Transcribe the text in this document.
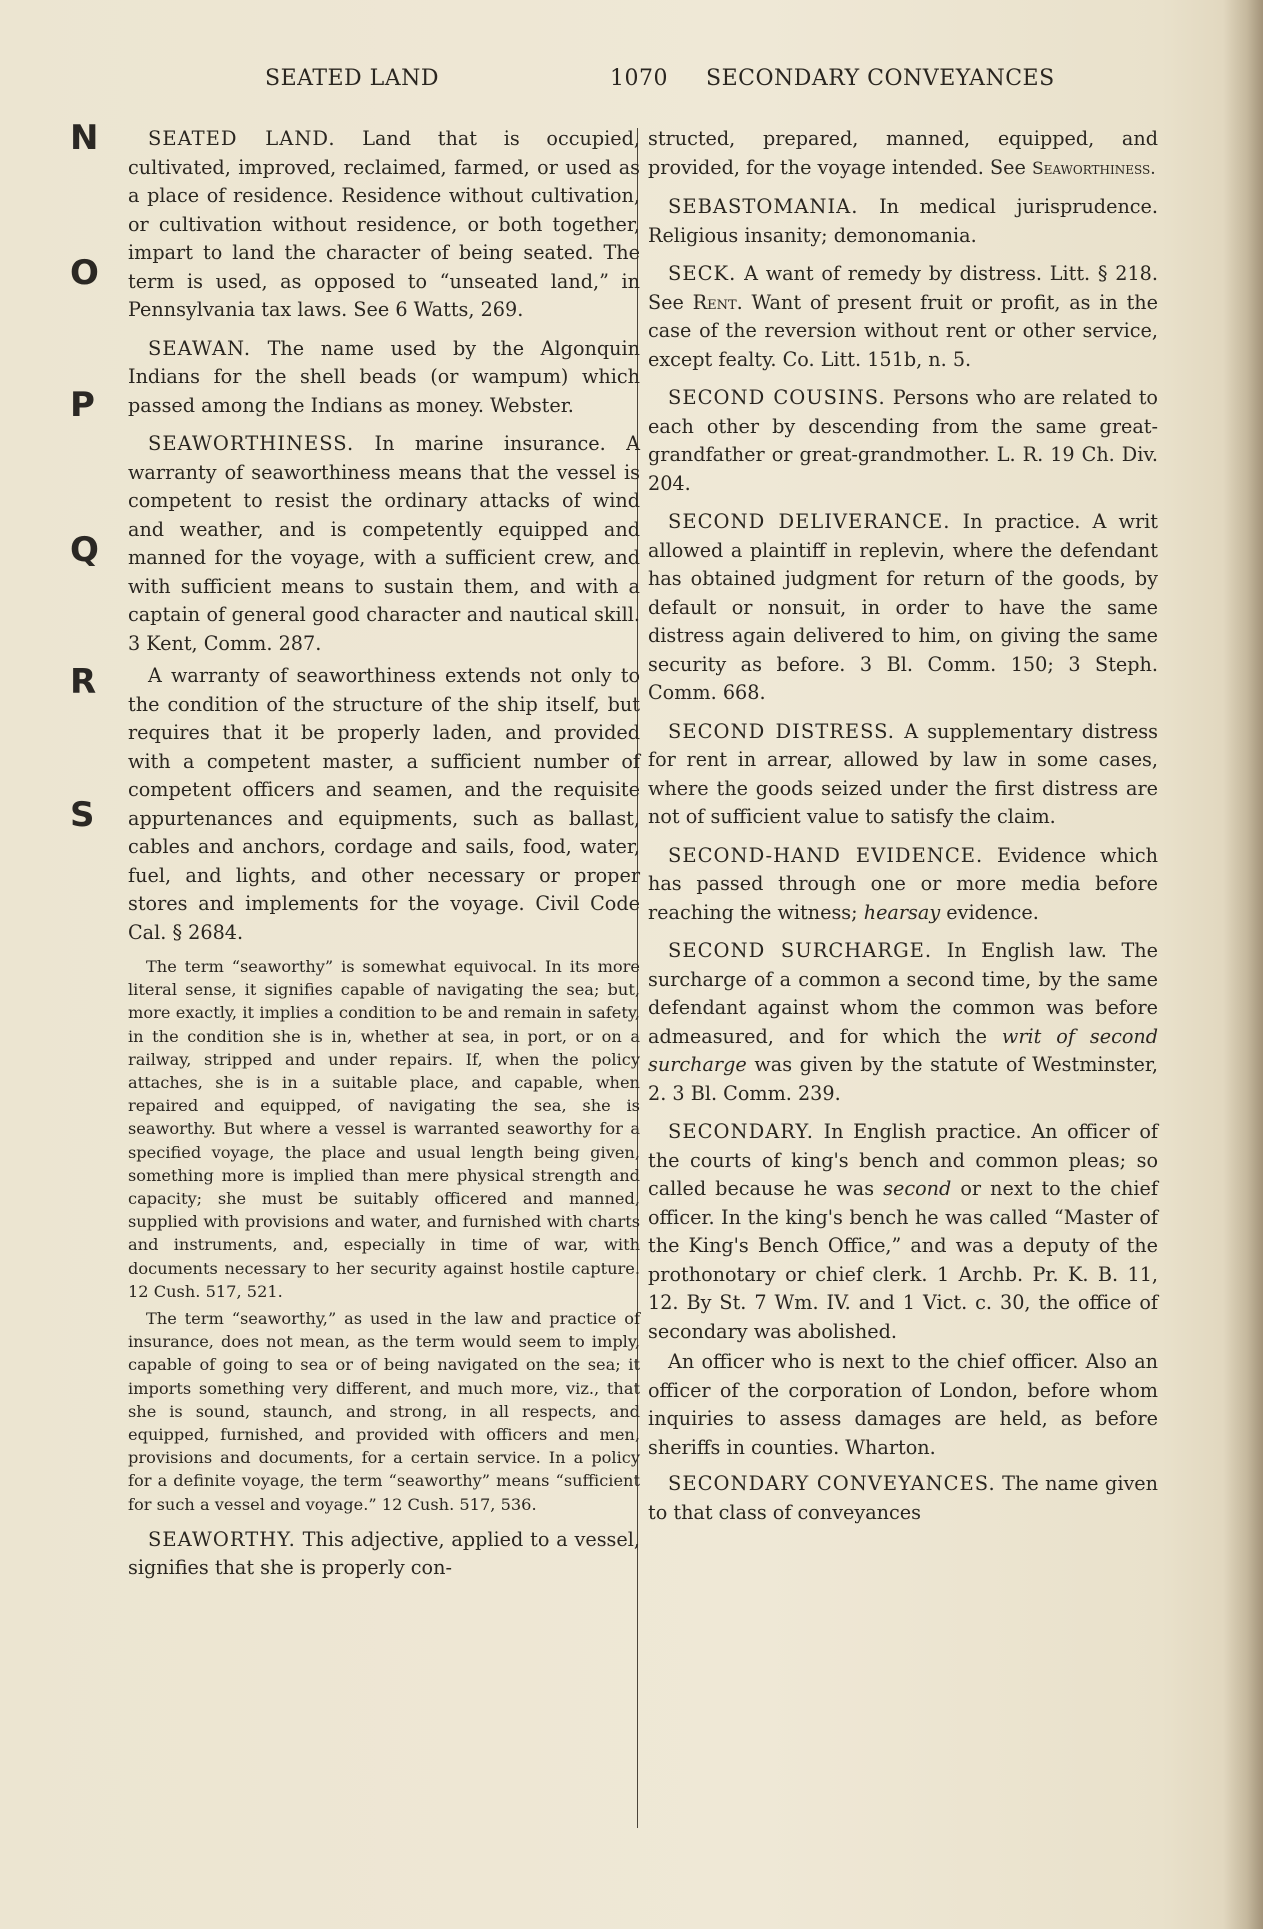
SEATED LAND	1070 SECONDARY CONVEYANCES
N
O
P
Q
R
S

SEATED LAND. Land that is occupied, cultivated, improved, reclaimed, farmed, or used as a place of residence. Residence without cultivation, or cultivation without residence, or both together, impart to land the character of being seated. The term is used, as opposed to “unseated land,” in Pennsylvania tax laws. See 6 Watts, 269.

SEAWAN. The name used by the Algonquin Indians for the shell beads (or wampum) which passed among the Indians as money. Webster.

SEAWORTHINESS. In marine insurance. A warranty of seaworthiness means that the vessel is competent to resist the ordinary attacks of wind and weather, and is competently equipped and manned for the voyage, with a sufficient crew, and with sufficient means to sustain them, and with a captain of general good character and nautical skill. 3 Kent, Comm. 287.

A warranty of seaworthiness extends not only to the condition of the structure of the ship itself, but requires that it be properly laden, and provided with a competent master, a sufficient number of competent officers and seamen, and the requisite appurtenances and equipments, such as ballast, cables and anchors, cordage and sails, food, water, fuel, and lights, and other necessary or proper stores and implements for the voyage. Civil Code Cal. § 2684.

The term “seaworthy” is somewhat equivocal. In its more literal sense, it signifies capable of navigating the sea; but, more exactly, it implies a condition to be and remain in safety, in the condition she is in, whether at sea, in port, or on a railway, stripped and under repairs. If, when the policy attaches, she is in a suitable place, and capable, when repaired and equipped, of navigating the sea, she is seaworthy. But where a vessel is warranted seaworthy for a specified voyage, the place and usual length being given, something more is implied than mere physical strength and capacity; she must be suitably officered and manned, supplied with provisions and water, and furnished with charts and instruments, and, especially in time of war, with documents necessary to her security against hostile capture. 12 Cush. 517, 521.

The term “seaworthy,” as used in the law and practice of insurance, does not mean, as the term would seem to imply, capable of going to sea or of being navigated on the sea; it imports something very different, and much more, viz., that she is sound, staunch, and strong, in all respects, and equipped, furnished, and provided with officers and men, provisions and documents, for a certain service. In a policy for a definite voyage, the term “seaworthy” means “sufficient for such a vessel and voyage.” 12 Cush. 517, 536.

SEAWORTHY. This adjective, applied to a vessel, signifies that she is properly con-

structed, prepared, manned, equipped, and provided, for the voyage intended. See Seaworthiness.

SEBASTOMANIA. In medical jurisprudence. Religious insanity; demonomania.

SECK. A want of remedy by distress. Litt. § 218. See Rent. Want of present fruit or profit, as in the case of the reversion without rent or other service, except fealty. Co. Litt. 151b, n. 5.

SECOND COUSINS. Persons who are related to each other by descending from the same great-grandfather or great-grandmother. L. R. 19 Ch. Div. 204.

SECOND DELIVERANCE. In practice. A writ allowed a plaintiff in replevin, where the defendant has obtained judgment for return of the goods, by default or nonsuit, in order to have the same distress again delivered to him, on giving the same security as before. 3 Bl. Comm. 150; 3 Steph. Comm. 668.

SECOND DISTRESS. A supplementary distress for rent in arrear, allowed by law in some cases, where the goods seized under the first distress are not of sufficient value to satisfy the claim.

SECOND-HAND EVIDENCE. Evidence which has passed through one or more media before reaching the witness; hearsay evidence.

SECOND SURCHARGE. In English law. The surcharge of a common a second time, by the same defendant against whom the common was before admeasured, and for which the writ of second surcharge was given by the statute of Westminster, 2. 3 Bl. Comm. 239.

SECONDARY. In English practice. An officer of the courts of king's bench and common pleas; so called because he was second or next to the chief officer. In the king's bench he was called “Master of the King's Bench Office,” and was a deputy of the prothonotary or chief clerk. 1 Archb. Pr. K. B. 11, 12. By St. 7 Wm. IV. and 1 Vict. c. 30, the office of secondary was abolished.

An officer who is next to the chief officer. Also an officer of the corporation of London, before whom inquiries to assess damages are held, as before sheriffs in counties. Wharton.

SECONDARY CONVEYANCES. The name given to that class of conveyances
